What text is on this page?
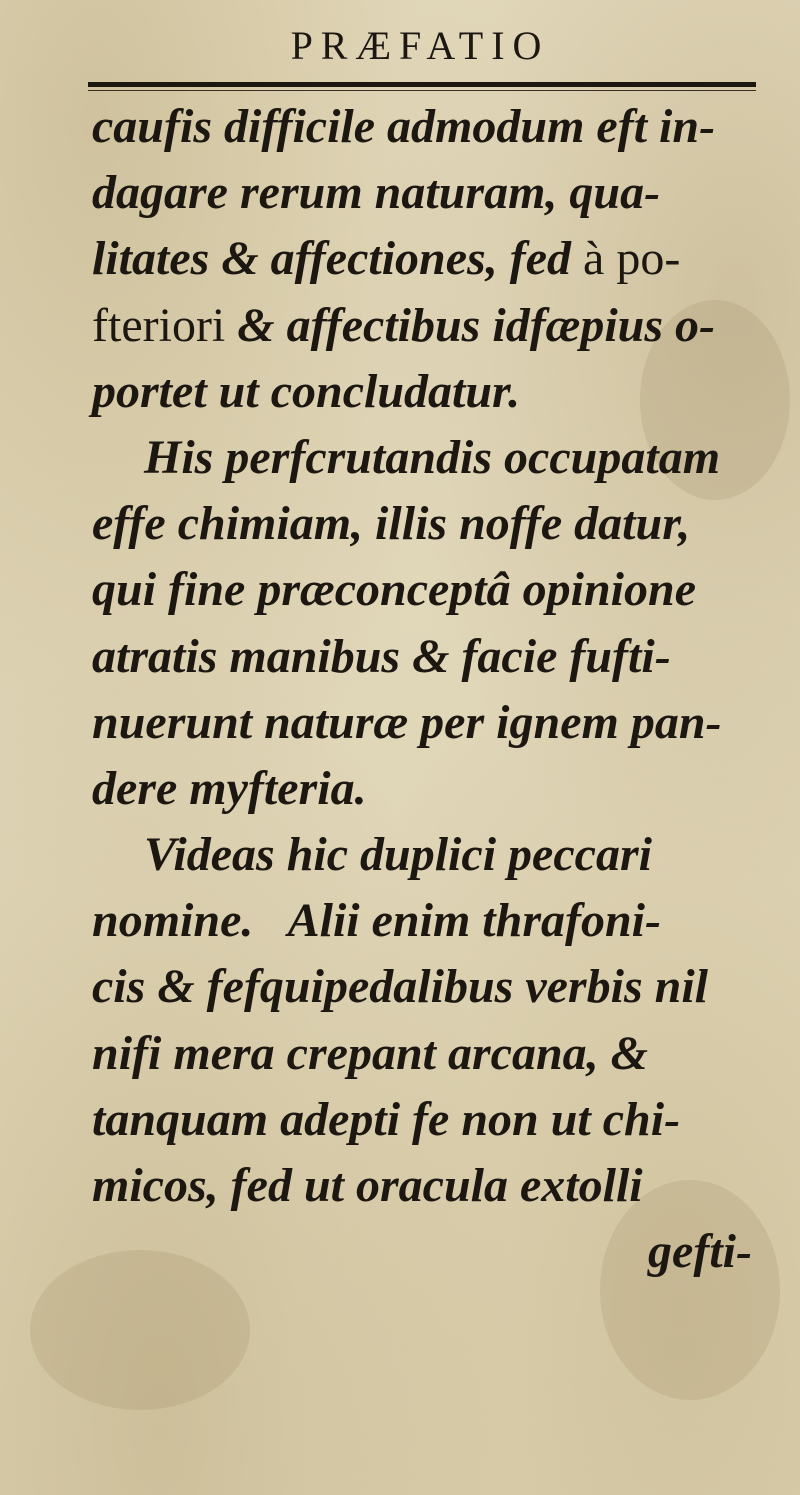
PRÆFATIO
caufis difficile admodum eft in-
dagare rerum naturam, qua-
litates & affectiones, fed à po-
fteriori & affectibus idfæpius o-
portet ut concludatur.
His perfcrutandis occupatam
effe chimiam, illis noffe datur,
qui fine præconceptâ opinione
atratis manibus & facie fufti-
nuerunt naturæ per ignem pan-
dere myfteria.
Videas hic duplici peccari
nomine.   Alii enim thrafoni-
cis & fefquipedalibus verbis nil
nifi mera crepant arcana, &
tanquam adepti fe non ut chi-
micos, fed ut oracula extolli
gefti-
